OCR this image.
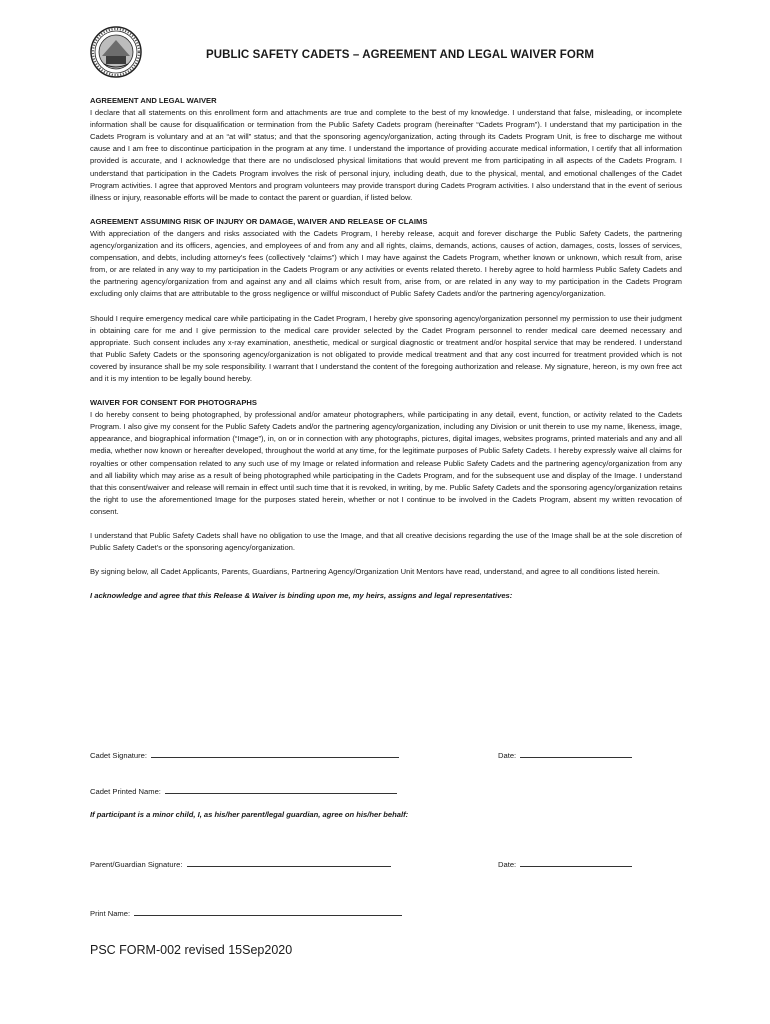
PUBLIC SAFETY CADETS – AGREEMENT AND LEGAL WAIVER FORM

AGREEMENT AND LEGAL WAIVER
I declare that all statements on this enrollment form and attachments are true and complete to the best of my knowledge. I understand that false, misleading, or incomplete information shall be cause for disqualification or termination from the Public Safety Cadets program (hereinafter “Cadets Program”). I understand that my participation in the Cadets Program is voluntary and at an “at will” status; and that the sponsoring agency/organization, acting through its Cadets Program Unit, is free to discharge me without cause and I am free to discontinue participation in the program at any time. I understand the importance of providing accurate medical information, I certify that all information provided is accurate, and I acknowledge that there are no undisclosed physical limitations that would prevent me from participating in all aspects of the Cadets Program. I understand that participation in the Cadets Program involves the risk of personal injury, including death, due to the physical, mental, and emotional challenges of the Cadet Program activities. I agree that approved Mentors and program volunteers may provide transport during Cadets Program activities. I also understand that in the event of serious illness or injury, reasonable efforts will be made to contact the parent or guardian, if listed below.

AGREEMENT ASSUMING RISK OF INJURY OR DAMAGE, WAIVER AND RELEASE OF CLAIMS
With appreciation of the dangers and risks associated with the Cadets Program, I hereby release, acquit and forever discharge the Public Safety Cadets, the partnering agency/organization and its officers, agencies, and employees of and from any and all rights, claims, demands, actions, causes of action, damages, costs, losses of services, compensation, and debts, including attorney’s fees (collectively “claims”) which I may have against the Cadets Program, whether known or unknown, which result from, arise from, or are related in any way to my participation in the Cadets Program or any activities or events related thereto. I hereby agree to hold harmless Public Safety Cadets and the partnering agency/organization from and against any and all claims which result from, arise from, or are related in any way to my participation in the Cadets Program excluding only claims that are attributable to the gross negligence or willful misconduct of Public Safety Cadets and/or the partnering agency/organization.

Should I require emergency medical care while participating in the Cadet Program, I hereby give sponsoring agency/organization personnel my permission to use their judgment in obtaining care for me and I give permission to the medical care provider selected by the Cadet Program personnel to render medical care deemed necessary and appropriate. Such consent includes any x-ray examination, anesthetic, medical or surgical diagnostic or treatment and/or hospital service that may be rendered. I understand that Public Safety Cadets or the sponsoring agency/organization is not obligated to provide medical treatment and that any cost incurred for treatment provided which is not covered by insurance shall be my sole responsibility. I warrant that I understand the content of the foregoing authorization and release. My signature, hereon, is my own free act and it is my intention to be legally bound hereby.

WAIVER FOR CONSENT FOR PHOTOGRAPHS
I do hereby consent to being photographed, by professional and/or amateur photographers, while participating in any detail, event, function, or activity related to the Cadets Program. I also give my consent for the Public Safety Cadets and/or the partnering agency/organization, including any Division or unit therein to use my name, likeness, image, appearance, and biographical information (“Image”), in, on or in connection with any photographs, pictures, digital images, websites programs, printed materials and any and all media, whether now known or hereafter developed, throughout the world at any time, for the legitimate purposes of Public Safety Cadets. I hereby expressly waive all claims for royalties or other compensation related to any such use of my Image or related information and release Public Safety Cadets and the partnering agency/organization from any and all liability which may arise as a result of being photographed while participating in the Cadets Program, and for the subsequent use and display of the Image. I understand that this consent/waiver and release will remain in effect until such time that it is revoked, in writing, by me. Public Safety Cadets and the sponsoring agency/organization retains the right to use the aforementioned Image for the purposes stated herein, whether or not I continue to be involved in the Cadets Program, absent my written revocation of consent.

I understand that Public Safety Cadets shall have no obligation to use the Image, and that all creative decisions regarding the use of the Image shall be at the sole discretion of Public Safety Cadet’s or the sponsoring agency/organization.

By signing below, all Cadet Applicants, Parents, Guardians, Partnering Agency/Organization Unit Mentors have read, understand, and agree to all conditions listed herein.

I acknowledge and agree that this Release & Waiver is binding upon me, my heirs, assigns and legal representatives:

Cadet Signature:	Date:
Cadet Printed Name:
If participant is a minor child, I, as his/her parent/legal guardian, agree on his/her behalf:
Parent/Guardian Signature:	Date:
Print Name:
PSC FORM-002 revised 15Sep2020
